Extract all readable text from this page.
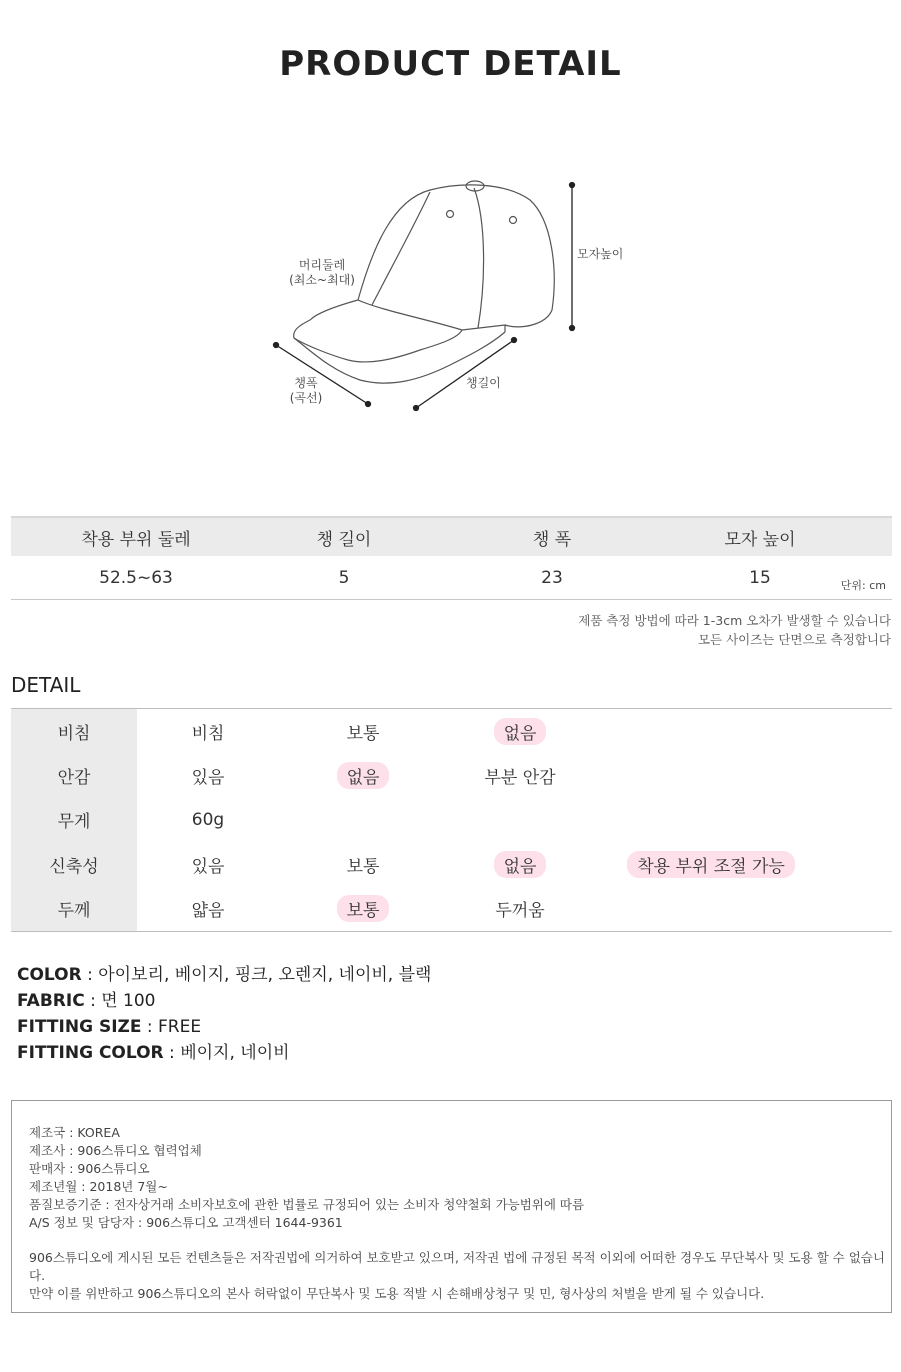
PRODUCT DETAIL
머리둘레
(최소~최대)
모자높이
챙폭
(곡선)
챙길이
착용 부위 둘레	챙 길이	챙 폭	모자 높이
52.5~63	5	23	15	단위: cm
제품 측정 방법에 따라 1-3cm 오차가 발생할 수 있습니다
모든 사이즈는 단면으로 측정합니다
DETAIL
비침	비침	보통	없음
안감	있음	없음	부분 안감
무게	60g
신축성	있음	보통	없음	착용 부위 조절 가능
두께	얇음	보통	두꺼움
COLOR : 아이보리, 베이지, 핑크, 오렌지, 네이비, 블랙
FABRIC : 면 100
FITTING SIZE : FREE
FITTING COLOR : 베이지, 네이비
제조국 : KOREA
제조사 : 906스튜디오 협력업체
판매자 : 906스튜디오
제조년월 : 2018년 7월~
품질보증기준 : 전자상거래 소비자보호에 관한 법률로 규정되어 있는 소비자 청약철회 가능범위에 따름
A/S 정보 및 담당자 : 906스튜디오 고객센터 1644-9361
906스튜디오에 게시된 모든 컨텐츠들은 저작권법에 의거하여 보호받고 있으며, 저작권 법에 규정된 목적 이외에 어떠한 경우도 무단복사 및 도용 할 수 없습니다.
만약 이를 위반하고 906스튜디오의 본사 허락없이 무단복사 및 도용 적발 시 손해배상청구 및 민, 형사상의 처벌을 받게 될 수 있습니다.
